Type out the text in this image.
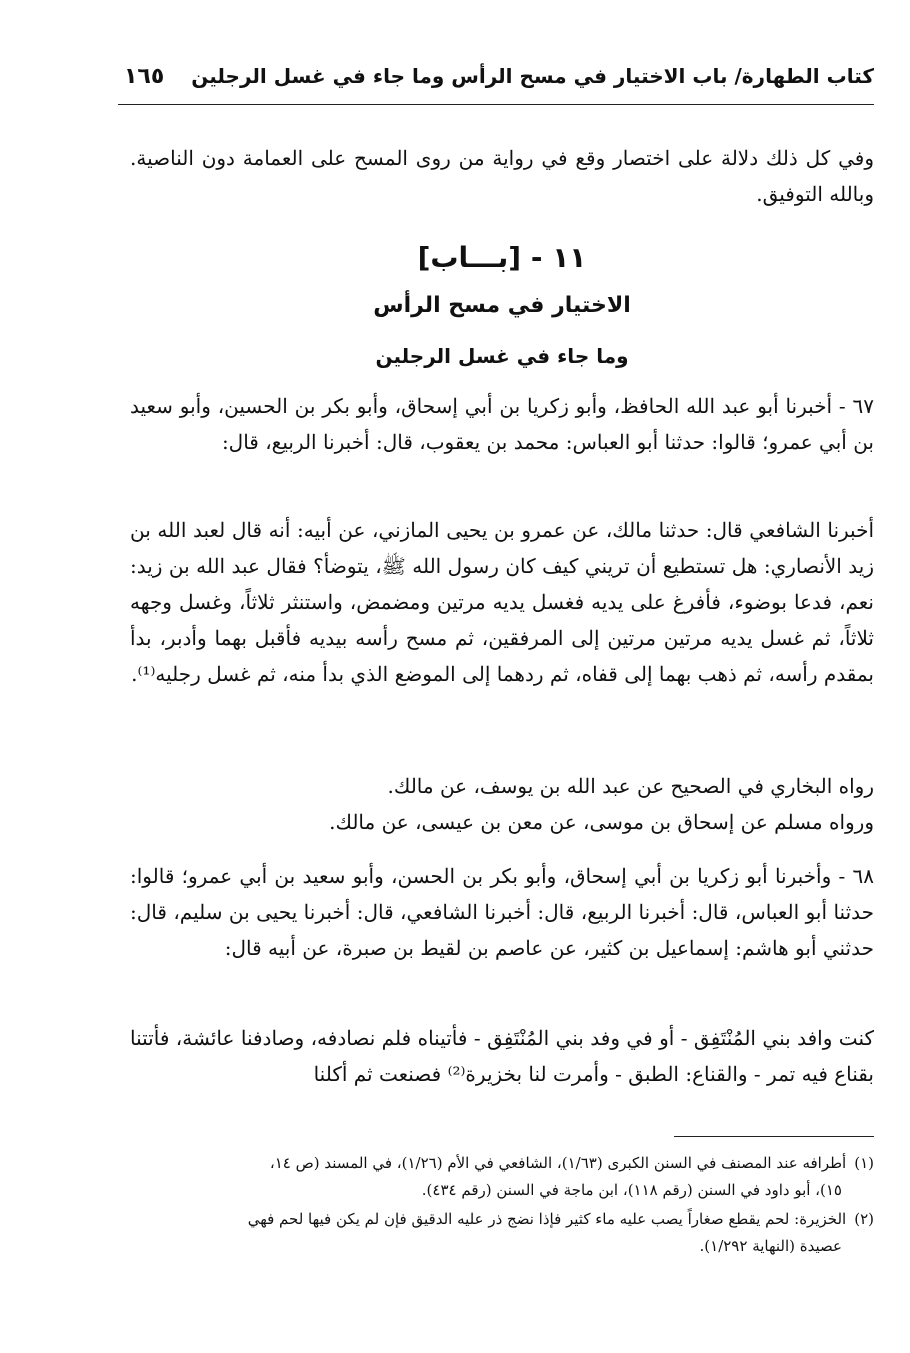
كتاب الطهارة/ باب الاختيار في مسح الرأس وما جاء في غسل الرجلين
١٦٥

وفي كل ذلك دلالة على اختصار وقع في رواية من روى المسح على العمامة دون الناصية. وبالله التوفيق.

١١ - [بـــاب]
الاختيار في مسح الرأس
وما جاء في غسل الرجلين

٦٧ - أخبرنا أبو عبد الله الحافظ، وأبو زكريا بن أبي إسحاق، وأبو بكر بن الحسين، وأبو سعيد بن أبي عمرو؛ قالوا: حدثنا أبو العباس: محمد بن يعقوب، قال: أخبرنا الربيع، قال:

أخبرنا الشافعي قال: حدثنا مالك، عن عمرو بن يحيى المازني، عن أبيه: أنه قال لعبد الله بن زيد الأنصاري: هل تستطيع أن تريني كيف كان رسول الله ﷺ، يتوضأ؟ فقال عبد الله بن زيد: نعم، فدعا بوضوء، فأفرغ على يديه فغسل يديه مرتين ومضمض، واستنثر ثلاثاً، وغسل وجهه ثلاثاً، ثم غسل يديه مرتين مرتين إلى المرفقين، ثم مسح رأسه بيديه فأقبل بهما وأدبر، بدأ بمقدم رأسه، ثم ذهب بهما إلى قفاه، ثم ردهما إلى الموضع الذي بدأ منه، ثم غسل رجليه⁽¹⁾.

رواه البخاري في الصحيح عن عبد الله بن يوسف، عن مالك.

ورواه مسلم عن إسحاق بن موسى، عن معن بن عيسى، عن مالك.

٦٨ - وأخبرنا أبو زكريا بن أبي إسحاق، وأبو بكر بن الحسن، وأبو سعيد بن أبي عمرو؛ قالوا: حدثنا أبو العباس، قال: أخبرنا الربيع، قال: أخبرنا الشافعي، قال: أخبرنا يحيى بن سليم، قال: حدثني أبو هاشم: إسماعيل بن كثير، عن عاصم بن لقيط بن صبرة، عن أبيه قال:

كنت وافد بني المُنْتَفِق - أو في وفد بني المُنْتَفِق - فأتيناه فلم نصادفه، وصادفنا عائشة، فأتتنا بقناع فيه تمر - والقناع: الطبق - وأمرت لنا بخزيرة⁽²⁾ فصنعت ثم أكلنا

(١)أطرافه عند المصنف في السنن الكبرى (١/٦٣)، الشافعي في الأم (١/٢٦)، في المسند (ص ١٤،
١٥)، أبو داود في السنن (رقم ١١٨)، ابن ماجة في السنن (رقم ٤٣٤).
(٢)الخزيرة: لحم يقطع صغاراً يصب عليه ماء كثير فإذا نضج ذر عليه الدقيق فإن لم يكن فيها لحم فهي
عصيدة (النهاية ١/٢٩٢).
